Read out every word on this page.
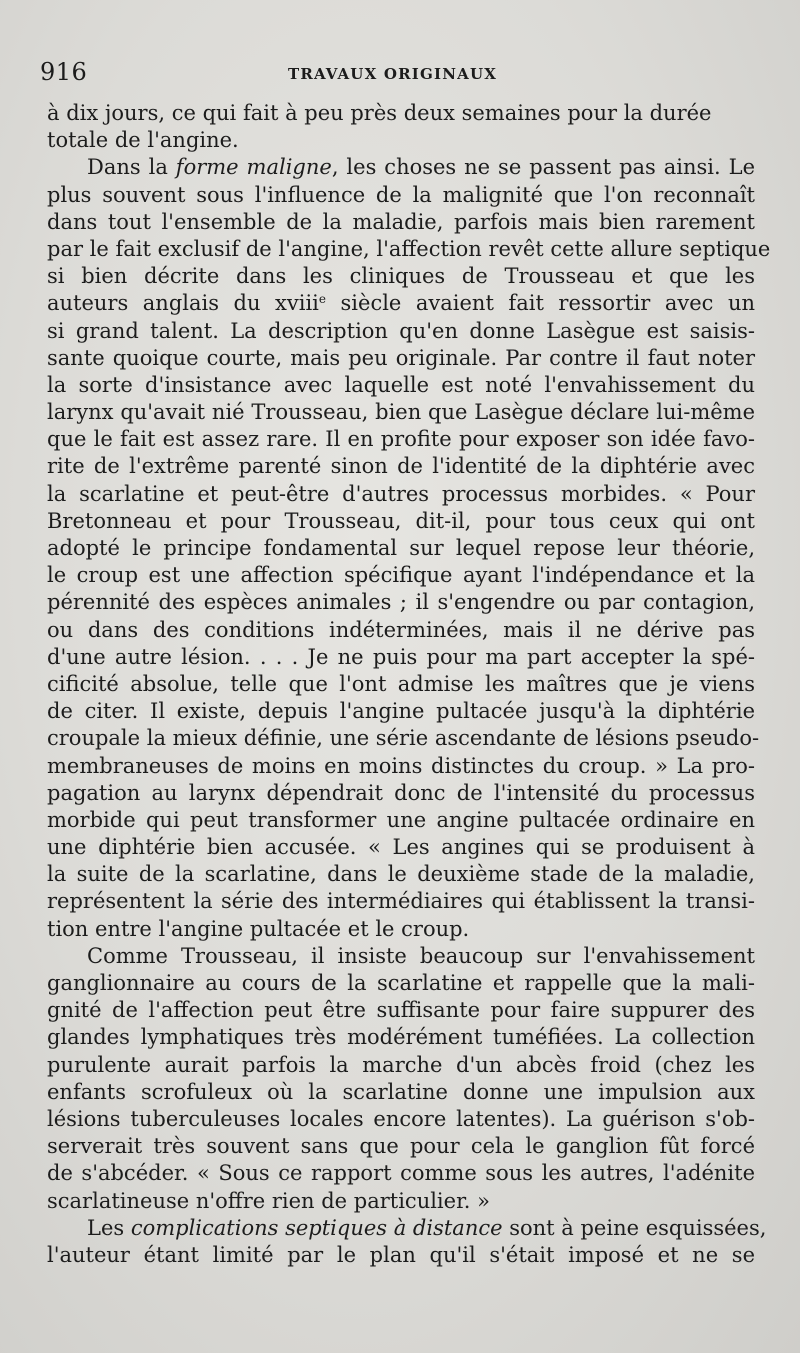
916	TRAVAUX ORIGINAUX
à dix jours, ce qui fait à peu près deux semaines pour la durée
totale de l'angine.
Dans la forme maligne, les choses ne se passent pas ainsi. Le
plus souvent sous l'influence de la malignité que l'on reconnaît
dans tout l'ensemble de la maladie, parfois mais bien rarement
par le fait exclusif de l'angine, l'affection revêt cette allure septique
si bien décrite dans les cliniques de Trousseau et que les
auteurs anglais du xviii$^e$ siècle avaient fait ressortir avec un
si grand talent. La description qu'en donne Lasègue est saisis-
sante quoique courte, mais peu originale. Par contre il faut noter
la sorte d'insistance avec laquelle est noté l'envahissement du
larynx qu'avait nié Trousseau, bien que Lasègue déclare lui-même
que le fait est assez rare. Il en profite pour exposer son idée favo-
rite de l'extrême parenté sinon de l'identité de la diphtérie avec
la scarlatine et peut-être d'autres processus morbides. « Pour
Bretonneau et pour Trousseau, dit-il, pour tous ceux qui ont
adopté le principe fondamental sur lequel repose leur théorie,
le croup est une affection spécifique ayant l'indépendance et la
pérennité des espèces animales ; il s'engendre ou par contagion,
ou dans des conditions indéterminées, mais il ne dérive pas
d'une autre lésion. . . . Je ne puis pour ma part accepter la spé-
cificité absolue, telle que l'ont admise les maîtres que je viens
de citer. Il existe, depuis l'angine pultacée jusqu'à la diphtérie
croupale la mieux définie, une série ascendante de lésions pseudo-
membraneuses de moins en moins distinctes du croup. » La pro-
pagation au larynx dépendrait donc de l'intensité du processus
morbide qui peut transformer une angine pultacée ordinaire en
une diphtérie bien accusée. « Les angines qui se produisent à
la suite de la scarlatine, dans le deuxième stade de la maladie,
représentent la série des intermédiaires qui établissent la transi-
tion entre l'angine pultacée et le croup.
Comme Trousseau, il insiste beaucoup sur l'envahissement
ganglionnaire au cours de la scarlatine et rappelle que la mali-
gnité de l'affection peut être suffisante pour faire suppurer des
glandes lymphatiques très modérément tuméfiées. La collection
purulente aurait parfois la marche d'un abcès froid (chez les
enfants scrofuleux où la scarlatine donne une impulsion aux
lésions tuberculeuses locales encore latentes). La guérison s'ob-
serverait très souvent sans que pour cela le ganglion fût forcé
de s'abcéder. « Sous ce rapport comme sous les autres, l'adénite
scarlatineuse n'offre rien de particulier. »
Les complications septiques à distance sont à peine esquissées,
l'auteur étant limité par le plan qu'il s'était imposé et ne se
